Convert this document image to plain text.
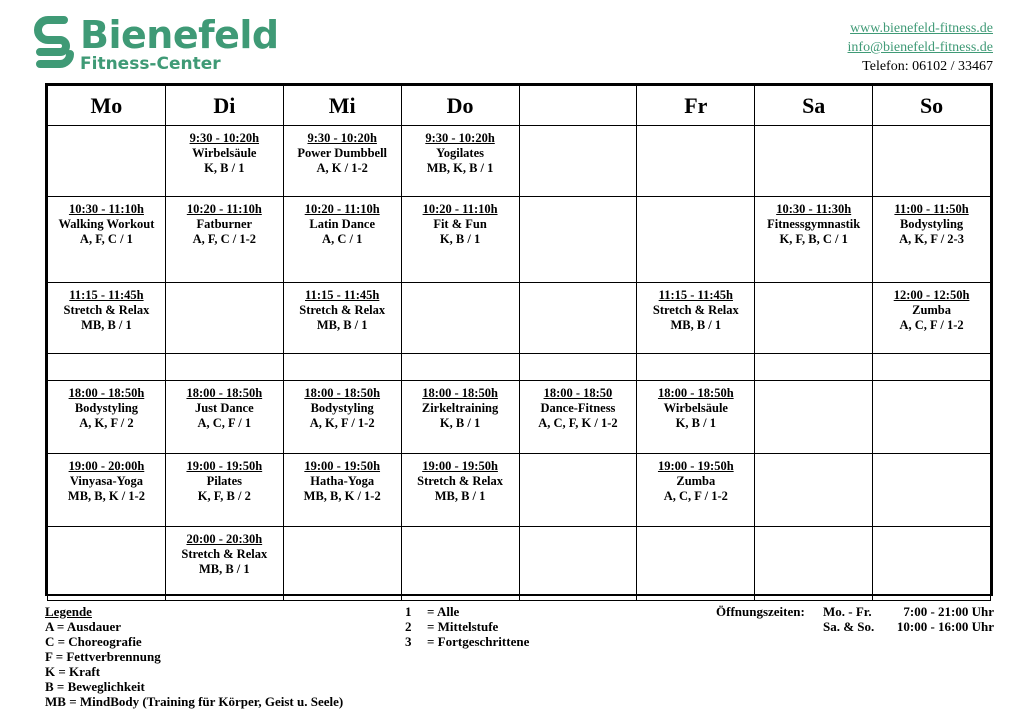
Bienefeld
Fitness-Center
www.bienefeld-fitness.de
info@bienefeld-fitness.de
Telefon: 06102 / 33467
Mo	Di	Mi	Do		Fr	Sa	So

	9:30 - 10:20h
Wirbelsäule
K, B / 1	9:30 - 10:20h
Power Dumbbell
A, K / 1-2	9:30 - 10:20h
Yogilates
MB, K, B / 1				

10:30 - 11:10h
Walking Workout
A, F, C / 1	10:20 - 11:10h
Fatburner
A, F, C / 1-2	10:20 - 11:10h
Latin Dance
A, C / 1	10:20 - 11:10h
Fit & Fun
K, B / 1			10:30 - 11:30h
Fitnessgymnastik
K, F, B, C / 1	11:00 - 11:50h
Bodystyling
A, K, F / 2-3

11:15 - 11:45h
Stretch & Relax
MB, B / 1		11:15 - 11:45h
Stretch & Relax
MB, B / 1			11:15 - 11:45h
Stretch & Relax
MB, B / 1		12:00 - 12:50h
Zumba
A, C, F / 1-2

18:00 - 18:50h
Bodystyling
A, K, F / 2	18:00 - 18:50h
Just Dance
A, C, F / 1	18:00 - 18:50h
Bodystyling
A, K, F / 1-2	18:00 - 18:50h
Zirkeltraining
K, B / 1	18:00 - 18:50
Dance-Fitness
A, C, F, K / 1-2	18:00 - 18:50h
Wirbelsäule
K, B / 1		

19:00 - 20:00h
Vinyasa-Yoga
MB, B, K / 1-2	19:00 - 19:50h
Pilates
K, F, B / 2	19:00 - 19:50h
Hatha-Yoga
MB, B, K / 1-2	19:00 - 19:50h
Stretch & Relax
MB, B / 1		19:00 - 19:50h
Zumba
A, C, F / 1-2		

	20:00 - 20:30h
Stretch & Relax
MB, B / 1						

Legende
A = Ausdauer
C = Choreografie
F = Fettverbrennung
K = Kraft
B = Beweglichkeit
MB = MindBody (Training für Körper, Geist u. Seele)
1 = Alle
2 = Mittelstufe
3 = Fortgeschrittene
Öffnungszeiten: Mo. - Fr. 7:00 - 21:00 Uhr
Sa. & So. 10:00 - 16:00 Uhr
